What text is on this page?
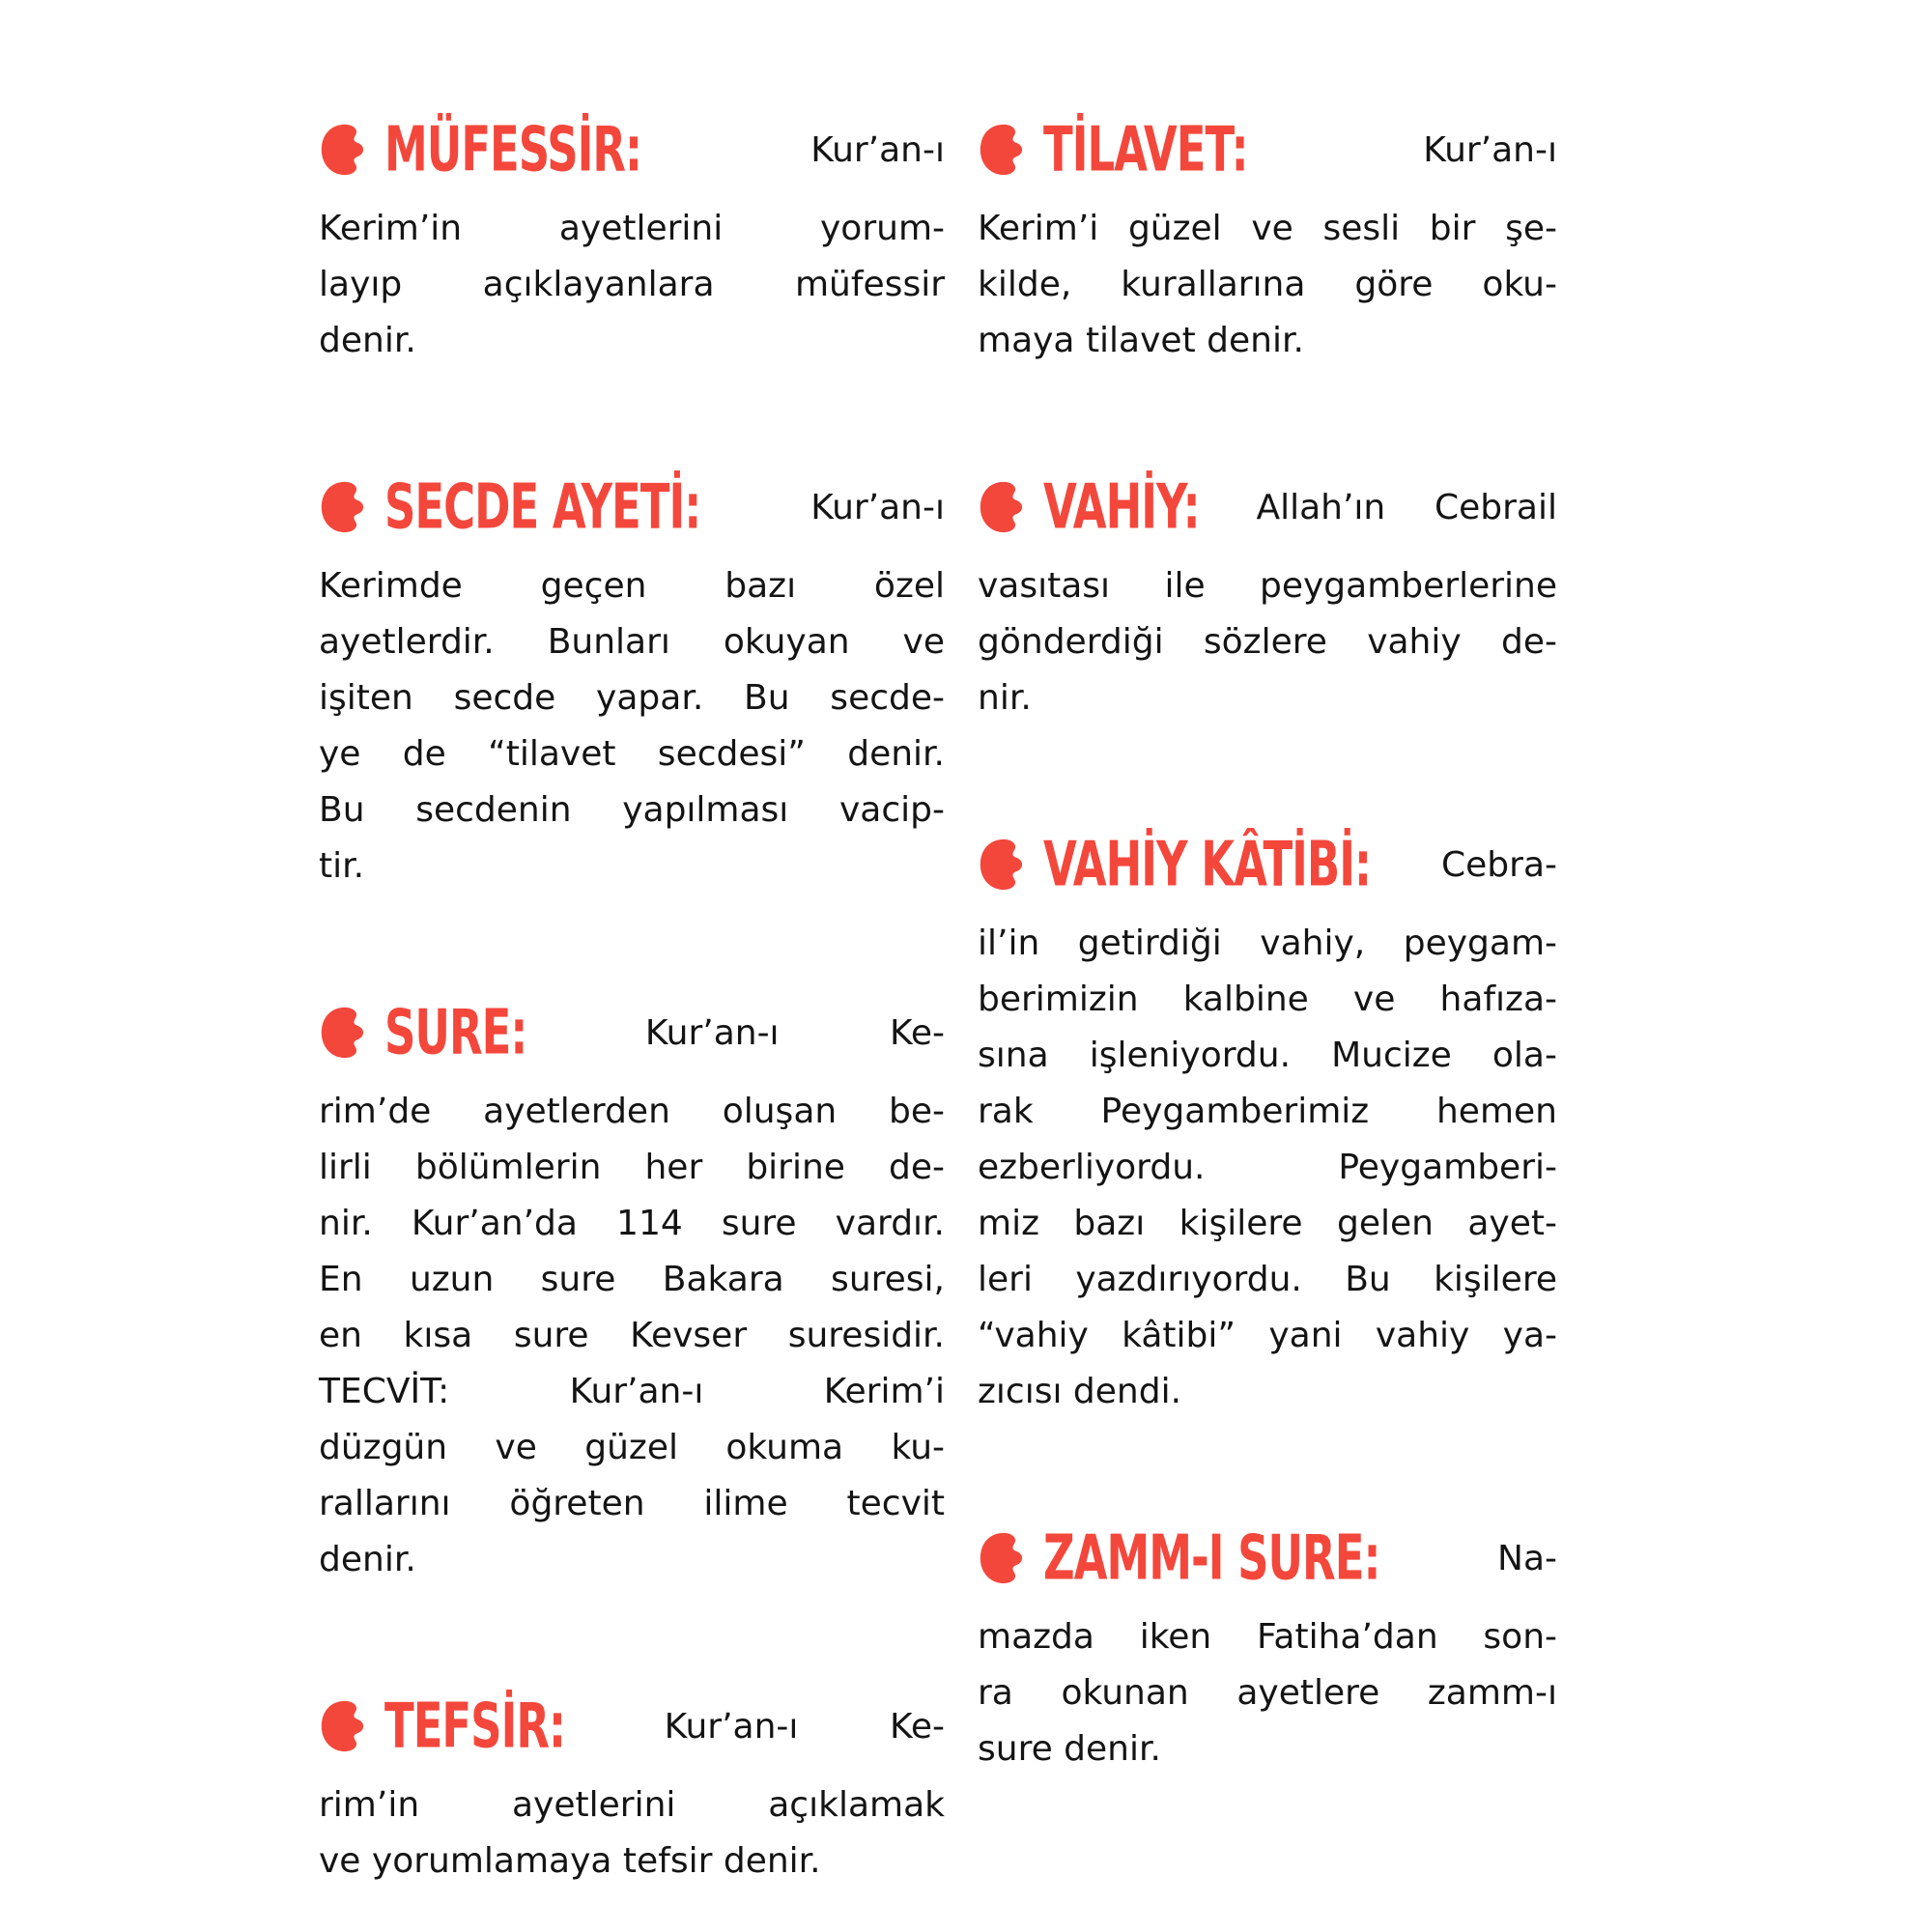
MÜFESSİR:	Kur’an-ı
Kerim’in ayetlerini yorum-
layıp açıklayanlara müfessir
denir.
SECDE AYETİ:	Kur’an-ı
Kerimde geçen bazı özel
ayetlerdir. Bunları okuyan ve
işiten secde yapar. Bu secde-
ye de “tilavet secdesi” denir.
Bu secdenin yapılması vacip-
tir.
SURE:	Kur’an-ı	Ke-
rim’de ayetlerden oluşan be-
lirli bölümlerin her birine de-
nir. Kur’an’da 114 sure vardır.
En uzun sure Bakara suresi,
en kısa sure Kevser suresidir.
TECVİT: Kur’an-ı Kerim’i
düzgün ve güzel okuma ku-
rallarını öğreten ilime tecvit
denir.
TEFSİR:	Kur’an-ı	Ke-
rim’in ayetlerini açıklamak
ve yorumlamaya tefsir denir.
TİLAVET:	Kur’an-ı
Kerim’i güzel ve sesli bir şe-
kilde, kurallarına göre oku-
maya tilavet denir.
VAHİY: Allah’ın Cebrail
vasıtası ile peygamberlerine
gönderdiği sözlere vahiy de-
nir.
VAHİY KÂTİBİ: Cebra-
il’in getirdiği vahiy, peygam-
berimizin kalbine ve hafıza-
sına işleniyordu. Mucize ola-
rak Peygamberimiz hemen
ezberliyordu. Peygamberi-
miz bazı kişilere gelen ayet-
leri yazdırıyordu. Bu kişilere
“vahiy kâtibi” yani vahiy ya-
zıcısı dendi.
ZAMM-I SURE:	Na-
mazda iken Fatiha’dan son-
ra okunan ayetlere zamm-ı
sure denir.
